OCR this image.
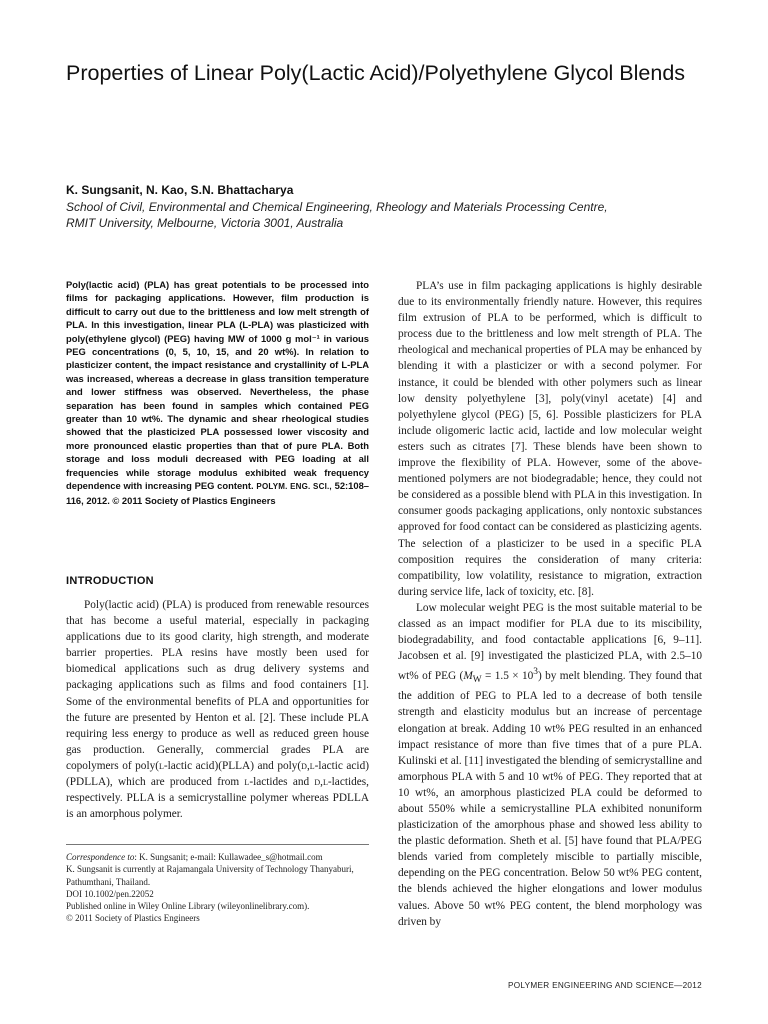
Properties of Linear Poly(Lactic Acid)/Polyethylene Glycol Blends
K. Sungsanit, N. Kao, S.N. Bhattacharya
School of Civil, Environmental and Chemical Engineering, Rheology and Materials Processing Centre,
RMIT University, Melbourne, Victoria 3001, Australia

Poly(lactic acid) (PLA) has great potentials to be processed into films for packaging applications. However, film production is difficult to carry out due to the brittleness and low melt strength of PLA. In this investigation, linear PLA (L-PLA) was plasticized with poly(ethylene glycol) (PEG) having MW of 1000 g mol⁻¹ in various PEG concentrations (0, 5, 10, 15, and 20 wt%). In relation to plasticizer content, the impact resistance and crystallinity of L-PLA was increased, whereas a decrease in glass transition temperature and lower stiffness was observed. Nevertheless, the phase separation has been found in samples which contained PEG greater than 10 wt%. The dynamic and shear rheological studies showed that the plasticized PLA possessed lower viscosity and more pronounced elastic properties than that of pure PLA. Both storage and loss moduli decreased with PEG loading at all frequencies while storage modulus exhibited weak frequency dependence with increasing PEG content. POLYM. ENG. SCI., 52:108–116, 2012. © 2011 Society of Plastics Engineers

INTRODUCTION

Poly(lactic acid) (PLA) is produced from renewable resources that has become a useful material, especially in packaging applications due to its good clarity, high strength, and moderate barrier properties. PLA resins have mostly been used for biomedical applications such as drug delivery systems and packaging applications such as films and food containers [1]. Some of the environmental benefits of PLA and opportunities for the future are presented by Henton et al. [2]. These include PLA requiring less energy to produce as well as reduced green house gas production. Generally, commercial grades PLA are copolymers of poly(l-lactic acid)(PLLA) and poly(d,l-lactic acid) (PDLLA), which are produced from l-lactides and d,l-lactides, respectively. PLLA is a semicrystalline polymer whereas PDLLA is an amorphous polymer.

Correspondence to: K. Sungsanit; e-mail: Kullawadee_s@hotmail.com
K. Sungsanit is currently at Rajamangala University of Technology Thanyaburi, Pathumthani, Thailand.
DOI 10.1002/pen.22052
Published online in Wiley Online Library (wileyonlinelibrary.com).
© 2011 Society of Plastics Engineers

PLA’s use in film packaging applications is highly desirable due to its environmentally friendly nature. However, this requires film extrusion of PLA to be performed, which is difficult to process due to the brittleness and low melt strength of PLA. The rheological and mechanical properties of PLA may be enhanced by blending it with a plasticizer or with a second polymer. For instance, it could be blended with other polymers such as linear low density polyethylene [3], poly(vinyl acetate) [4] and polyethylene glycol (PEG) [5, 6]. Possible plasticizers for PLA include oligomeric lactic acid, lactide and low molecular weight esters such as citrates [7]. These blends have been shown to improve the flexibility of PLA. However, some of the above-mentioned polymers are not biodegradable; hence, they could not be considered as a possible blend with PLA in this investigation. In consumer goods packaging applications, only nontoxic substances approved for food contact can be considered as plasticizing agents. The selection of a plasticizer to be used in a specific PLA composition requires the consideration of many criteria: compatibility, low volatility, resistance to migration, extraction during service life, lack of toxicity, etc. [8].

Low molecular weight PEG is the most suitable material to be classed as an impact modifier for PLA due to its miscibility, biodegradability, and food contactable applications [6, 9–11]. Jacobsen et al. [9] investigated the plasticized PLA, with 2.5–10 wt% of PEG $(M_W = 1.5 \times 10^3)$ by melt blending. They found that the addition of PEG to PLA led to a decrease of both tensile strength and elasticity modulus but an increase of percentage elongation at break. Adding 10 wt% PEG resulted in an enhanced impact resistance of more than five times that of a pure PLA. Kulinski et al. [11] investigated the blending of semicrystalline and amorphous PLA with 5 and 10 wt% of PEG. They reported that at 10 wt%, an amorphous plasticized PLA could be deformed to about 550% while a semicrystalline PLA exhibited nonuniform plasticization of the amorphous phase and showed less ability to the plastic deformation. Sheth et al. [5] have found that PLA/PEG blends varied from completely miscible to partially miscible, depending on the PEG concentration. Below 50 wt% PEG content, the blends achieved the higher elongations and lower modulus values. Above 50 wt% PEG content, the blend morphology was driven by

POLYMER ENGINEERING AND SCIENCE—2012
